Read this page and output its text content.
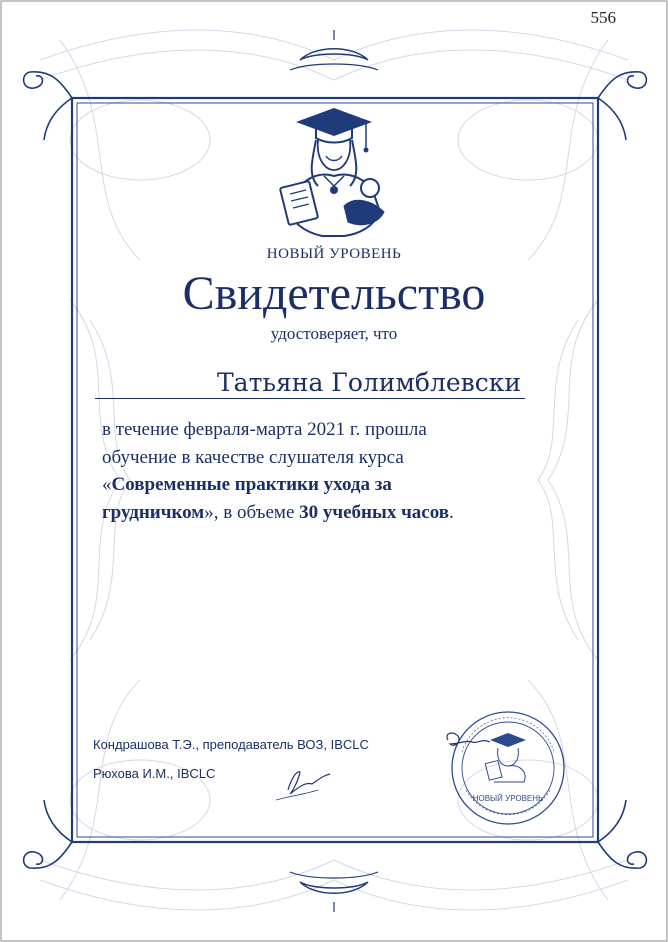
556
НОВЫЙ УРОВЕНЬ
Свидетельство
удостоверяет, что
Татьяна Голимблевски
в течение февраля-марта 2021 г. прошла
обучение в качестве слушателя курса
«Современные практики ухода за
грудничком», в объеме 30 учебных часов.
Кондрашова Т.Э., преподаватель ВОЗ, IBCLC
Рюхова И.М., IBCLC
НОВЫЙ УРОВЕНЬ
